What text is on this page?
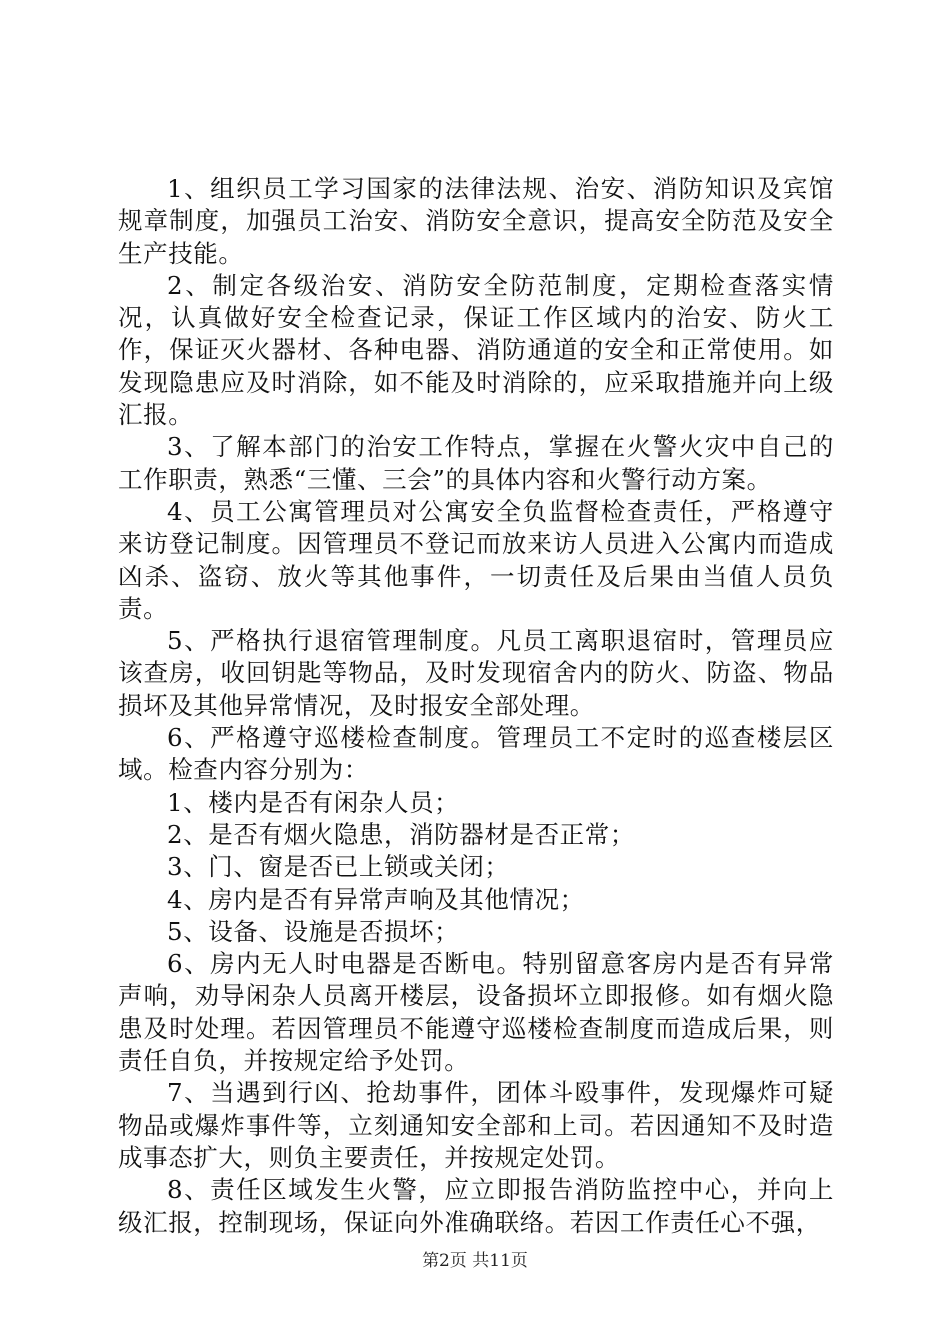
1、组织员工学习国家的法律法规、治安、消防知识及宾馆规章制度，加强员工治安、消防安全意识，提高安全防范及安全生产技能。

2、制定各级治安、消防安全防范制度，定期检查落实情况，认真做好安全检查记录，保证工作区域内的治安、防火工作，保证灭火器材、各种电器、消防通道的安全和正常使用。如发现隐患应及时消除，如不能及时消除的，应采取措施并向上级汇报。

3、了解本部门的治安工作特点，掌握在火警火灾中自己的工作职责，熟悉“三懂、三会”的具体内容和火警行动方案。

4、员工公寓管理员对公寓安全负监督检查责任，严格遵守来访登记制度。因管理员不登记而放来访人员进入公寓内而造成凶杀、盗窃、放火等其他事件，一切责任及后果由当值人员负责。

5、严格执行退宿管理制度。凡员工离职退宿时，管理员应该查房，收回钥匙等物品，及时发现宿舍内的防火、防盗、物品损坏及其他异常情况，及时报安全部处理。

6、严格遵守巡楼检查制度。管理员工不定时的巡查楼层区域。检查内容分别为：

1、楼内是否有闲杂人员；

2、是否有烟火隐患，消防器材是否正常；

3、门、窗是否已上锁或关闭；

4、房内是否有异常声响及其他情况；

5、设备、设施是否损坏；

6、房内无人时电器是否断电。特别留意客房内是否有异常声响，劝导闲杂人员离开楼层，设备损坏立即报修。如有烟火隐患及时处理。若因管理员不能遵守巡楼检查制度而造成后果，则责任自负，并按规定给予处罚。

7、当遇到行凶、抢劫事件，团体斗殴事件，发现爆炸可疑物品或爆炸事件等，立刻通知安全部和上司。若因通知不及时造成事态扩大，则负主要责任，并按规定处罚。

8、责任区域发生火警，应立即报告消防监控中心，并向上级汇报，控制现场，保证向外准确联络。若因工作责任心不强，

第2页 共11页
